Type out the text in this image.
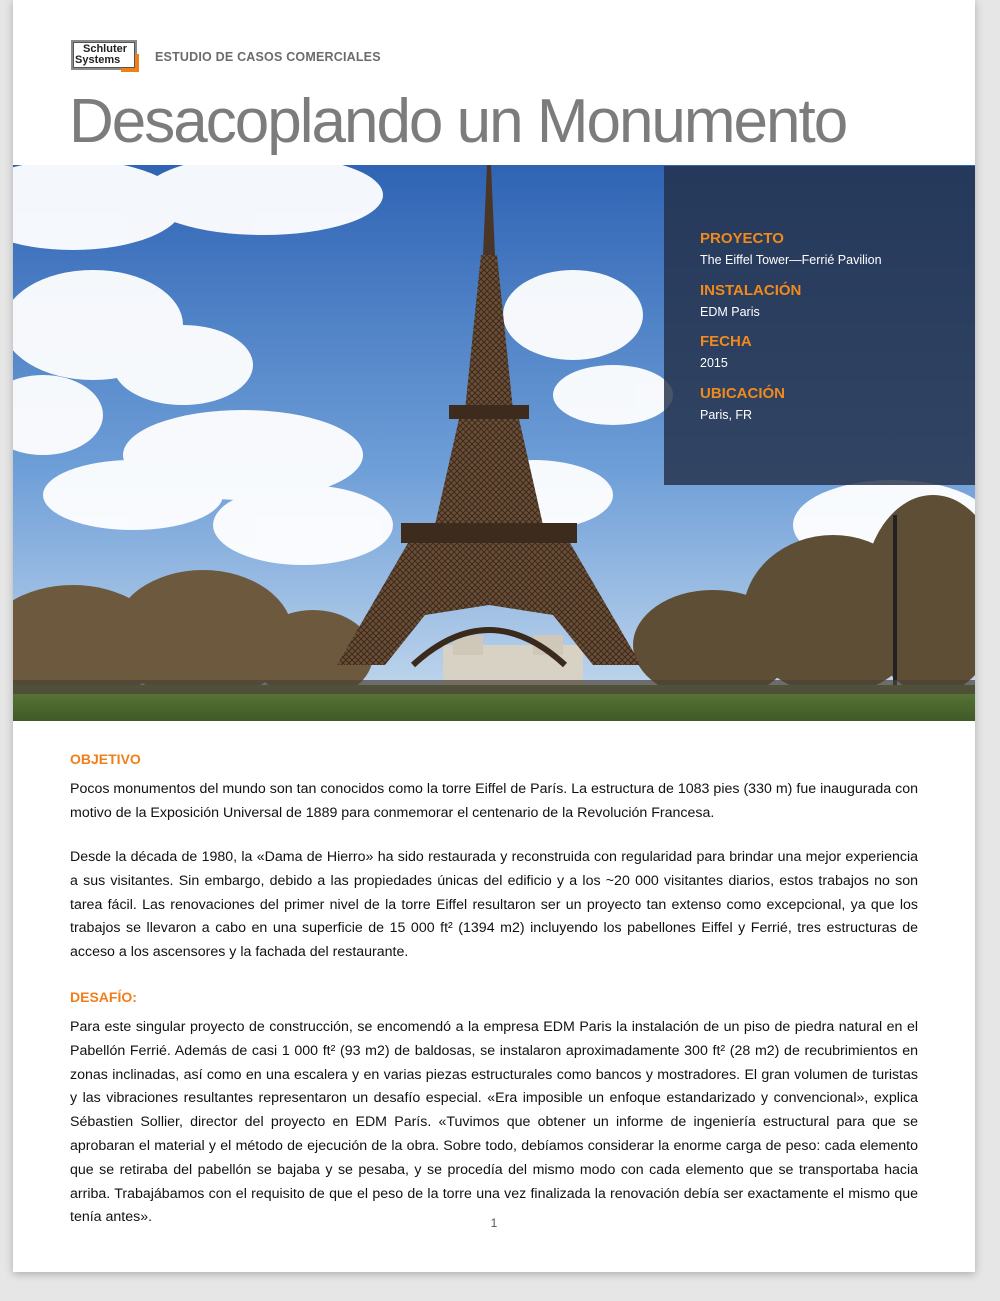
Schluter
Systems	ESTUDIO DE CASOS COMERCIALES
Desacoplando un Monumento
PROYECTO
The Eiffel Tower—Ferrié Pavilion
INSTALACIÓN
EDM Paris
FECHA
2015
UBICACIÓN
Paris, FR
OBJETIVO

Pocos monumentos del mundo son tan conocidos como la torre Eiffel de París. La estructura de 1083 pies (330 m) fue inaugurada con motivo de la Exposición Universal de 1889 para conmemorar el centenario de la Revolución Francesa.

Desde la década de 1980, la «Dama de Hierro» ha sido restaurada y reconstruida con regularidad para brindar una mejor experiencia a sus visitantes. Sin embargo, debido a las propiedades únicas del edificio y a los ~20 000 visitantes diarios, estos trabajos no son tarea fácil. Las renovaciones del primer nivel de la torre Eiffel resultaron ser un proyecto tan extenso como excepcional, ya que los trabajos se llevaron a cabo en una superficie de 15 000 ft² (1394 m2) incluyendo los pabellones Eiffel y Ferrié, tres estructuras de acceso a los ascensores y la fachada del restaurante.

DESAFÍO:

Para este singular proyecto de construcción, se encomendó a la empresa EDM Paris la instalación de un piso de piedra natural en el Pabellón Ferrié. Además de casi 1 000 ft² (93 m2) de baldosas, se instalaron aproximadamente 300 ft² (28 m2) de recubrimientos en zonas inclinadas, así como en una escalera y en varias piezas estructurales como bancos y mostradores. El gran volumen de turistas y las vibraciones resultantes representaron un desafío especial. «Era imposible un enfoque estandarizado y convencional», explica Sébastien Sollier, director del proyecto en EDM París. «Tuvimos que obtener un informe de ingeniería estructural para que se aprobaran el material y el método de ejecución de la obra. Sobre todo, debíamos considerar la enorme carga de peso: cada elemento que se retiraba del pabellón se bajaba y se pesaba, y se procedía del mismo modo con cada elemento que se transportaba hacia arriba. Trabajábamos con el requisito de que el peso de la torre una vez finalizada la renovación debía ser exactamente el mismo que tenía antes».	1
